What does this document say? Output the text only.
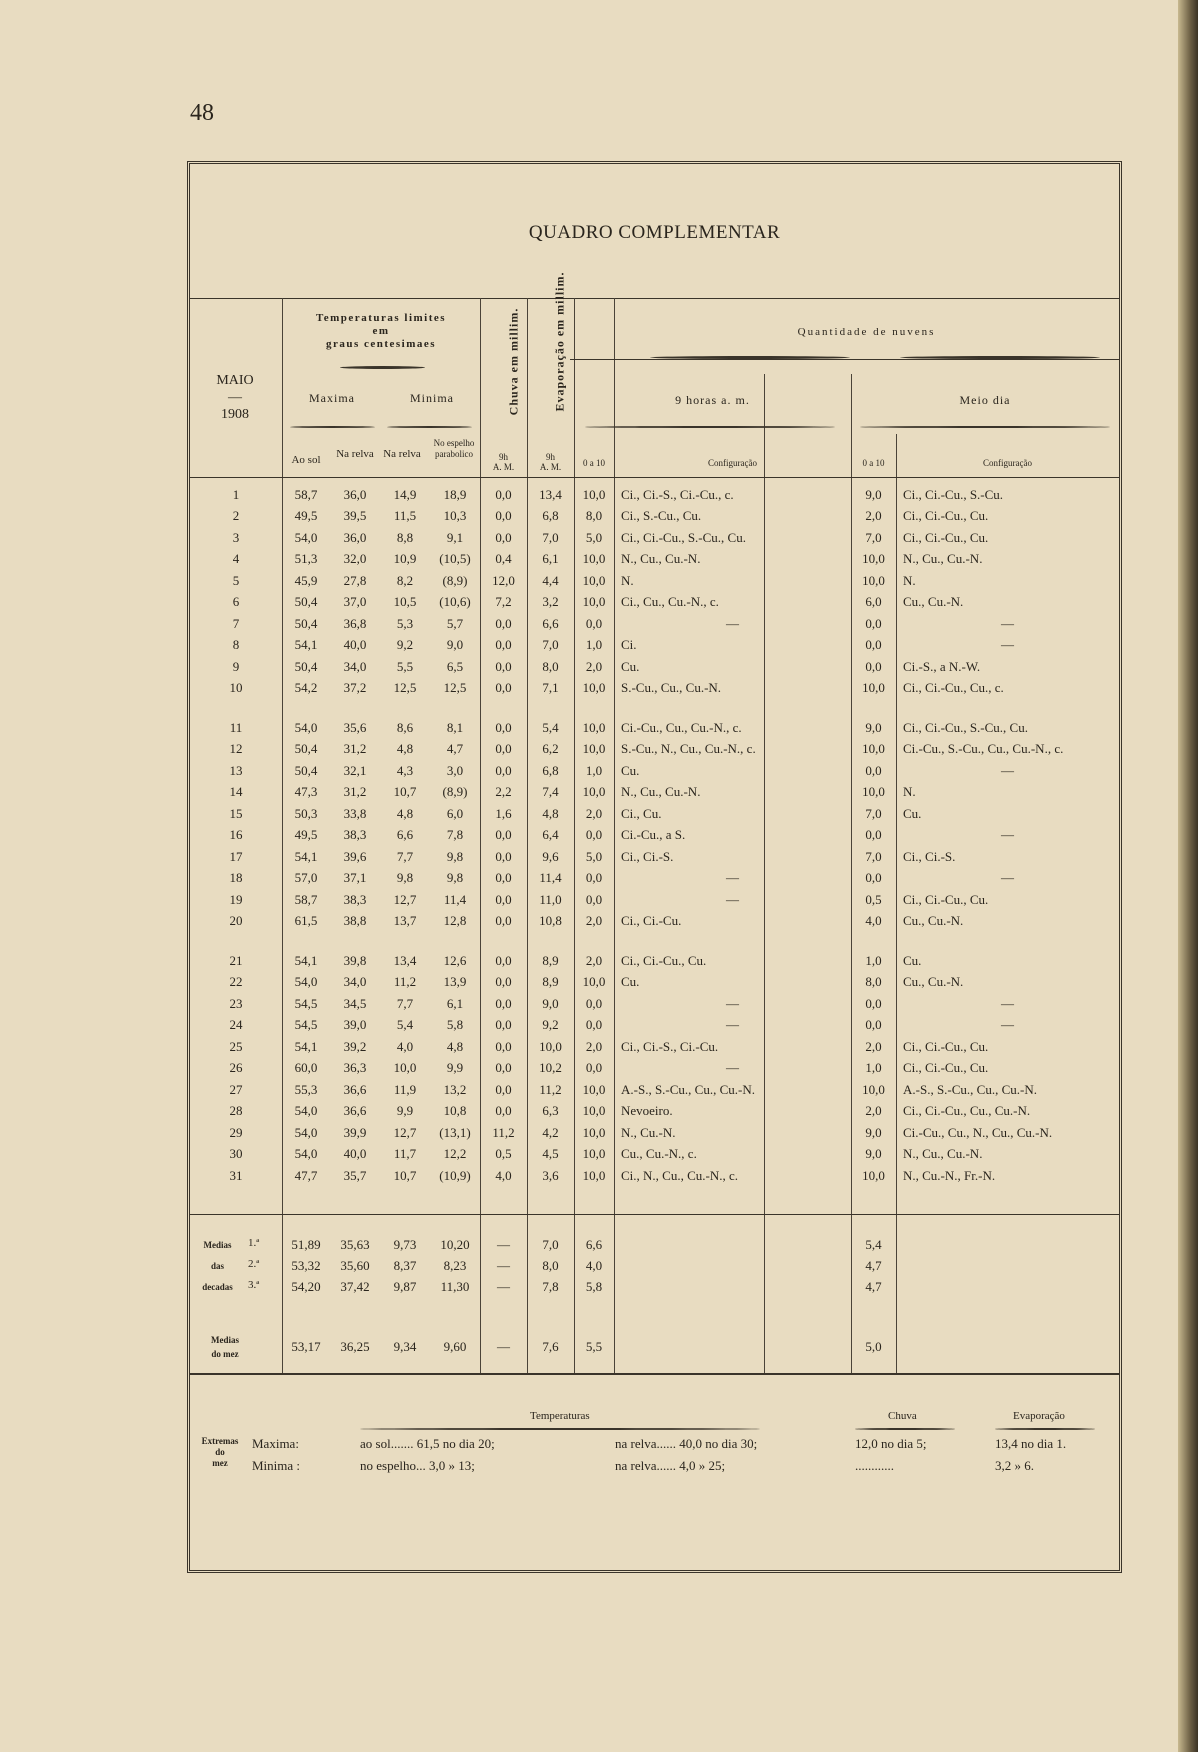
48
QUADRO COMPLEMENTAR
MAIO
—
1908
Temperaturas limites
em
graus centesimaes
Maxima	Minima
Ao sol	Na relva Na relva
No espelho parabolico
Chuva em millim.	Evaporação em millim.
9h
A. M.
9h
A. M.
Quantidade de nuvens
9 horas a. m.	Meio dia
0 a 10	Configuração	0 a 10	Configuração
1	58,7	36,0	14,9	18,9	0,0	13,4	10,0	Ci., Ci.-S., Ci.-Cu., c.	9,0	Ci., Ci.-Cu., S.-Cu.
2	49,5	39,5	11,5	10,3	0,0	6,8	8,0	Ci., S.-Cu., Cu.	2,0	Ci., Ci.-Cu., Cu.
3	54,0	36,0	8,8	9,1	0,0	7,0	5,0	Ci., Ci.-Cu., S.-Cu., Cu.	7,0	Ci., Ci.-Cu., Cu.
4	51,3	32,0	10,9	(10,5)	0,4	6,1	10,0	N., Cu., Cu.-N.	10,0	N., Cu., Cu.-N.
5	45,9	27,8	8,2	(8,9)	12,0	4,4	10,0	N.	10,0	N.
6	50,4	37,0	10,5	(10,6)	7,2	3,2	10,0	Ci., Cu., Cu.-N., c.	6,0	Cu., Cu.-N.
7	50,4	36,8	5,3	5,7	0,0	6,6	0,0	—	0,0	—
8	54,1	40,0	9,2	9,0	0,0	7,0	1,0	Ci.	0,0	—
9	50,4	34,0	5,5	6,5	0,0	8,0	2,0	Cu.	0,0	Ci.-S., a N.-W.
10	54,2	37,2	12,5	12,5	0,0	7,1	10,0	S.-Cu., Cu., Cu.-N.	10,0	Ci., Ci.-Cu., Cu., c.

11	54,0	35,6	8,6	8,1	0,0	5,4	10,0	Ci.-Cu., Cu., Cu.-N., c.	9,0	Ci., Ci.-Cu., S.-Cu., Cu.
12	50,4	31,2	4,8	4,7	0,0	6,2	10,0	S.-Cu., N., Cu., Cu.-N., c.	10,0	Ci.-Cu., S.-Cu., Cu., Cu.-N., c.
13	50,4	32,1	4,3	3,0	0,0	6,8	1,0	Cu.	0,0	—
14	47,3	31,2	10,7	(8,9)	2,2	7,4	10,0	N., Cu., Cu.-N.	10,0	N.
15	50,3	33,8	4,8	6,0	1,6	4,8	2,0	Ci., Cu.	7,0	Cu.
16	49,5	38,3	6,6	7,8	0,0	6,4	0,0	Ci.-Cu., a S.	0,0	—
17	54,1	39,6	7,7	9,8	0,0	9,6	5,0	Ci., Ci.-S.	7,0	Ci., Ci.-S.
18	57,0	37,1	9,8	9,8	0,0	11,4	0,0	—	0,0	—
19	58,7	38,3	12,7	11,4	0,0	11,0	0,0	—	0,5	Ci., Ci.-Cu., Cu.
20	61,5	38,8	13,7	12,8	0,0	10,8	2,0	Ci., Ci.-Cu.	4,0	Cu., Cu.-N.

21	54,1	39,8	13,4	12,6	0,0	8,9	2,0	Ci., Ci.-Cu., Cu.	1,0	Cu.
22	54,0	34,0	11,2	13,9	0,0	8,9	10,0	Cu.	8,0	Cu., Cu.-N.
23	54,5	34,5	7,7	6,1	0,0	9,0	0,0	—	0,0	—
24	54,5	39,0	5,4	5,8	0,0	9,2	0,0	—	0,0	—
25	54,1	39,2	4,0	4,8	0,0	10,0	2,0	Ci., Ci.-S., Ci.-Cu.	2,0	Ci., Ci.-Cu., Cu.
26	60,0	36,3	10,0	9,9	0,0	10,2	0,0	—	1,0	Ci., Ci.-Cu., Cu.
27	55,3	36,6	11,9	13,2	0,0	11,2	10,0	A.-S., S.-Cu., Cu., Cu.-N.	10,0	A.-S., S.-Cu., Cu., Cu.-N.
28	54,0	36,6	9,9	10,8	0,0	6,3	10,0	Nevoeiro.	2,0	Ci., Ci.-Cu., Cu., Cu.-N.
29	54,0	39,9	12,7	(13,1)	11,2	4,2	10,0	N., Cu.-N.	9,0	Ci.-Cu., Cu., N., Cu., Cu.-N.
30	54,0	40,0	11,7	12,2	0,5	4,5	10,0	Cu., Cu.-N., c.	9,0	N., Cu., Cu.-N.
31	47,7	35,7	10,7	(10,9)	4,0	3,6	10,0	Ci., N., Cu., Cu.-N., c.	10,0	N., Cu.-N., Fr.-N.
Medias
das
decadas
1.ª	51,89	35,63	9,73	10,20	—	7,0	6,6	5,4
2.ª	53,32	35,60	8,37	8,23	—	8,0	4,0	4,7
3.ª	54,20	37,42	9,87	11,30	—	7,8	5,8	4,7
Medias
do mez	53,17	36,25	9,34	9,60	—	7,6	5,5	5,0
Temperaturas	Chuva	Evaporação
Extremas
do
mez
Maxima:
Minima :
ao sol....... 61,5 no dia 20;	na relva...... 40,0 no dia 30;	12,0 no dia 5;	13,4 no dia 1.
no espelho... 3,0 » 13;	na relva...... 4,0 » 25;	............	3,2 » 6.
